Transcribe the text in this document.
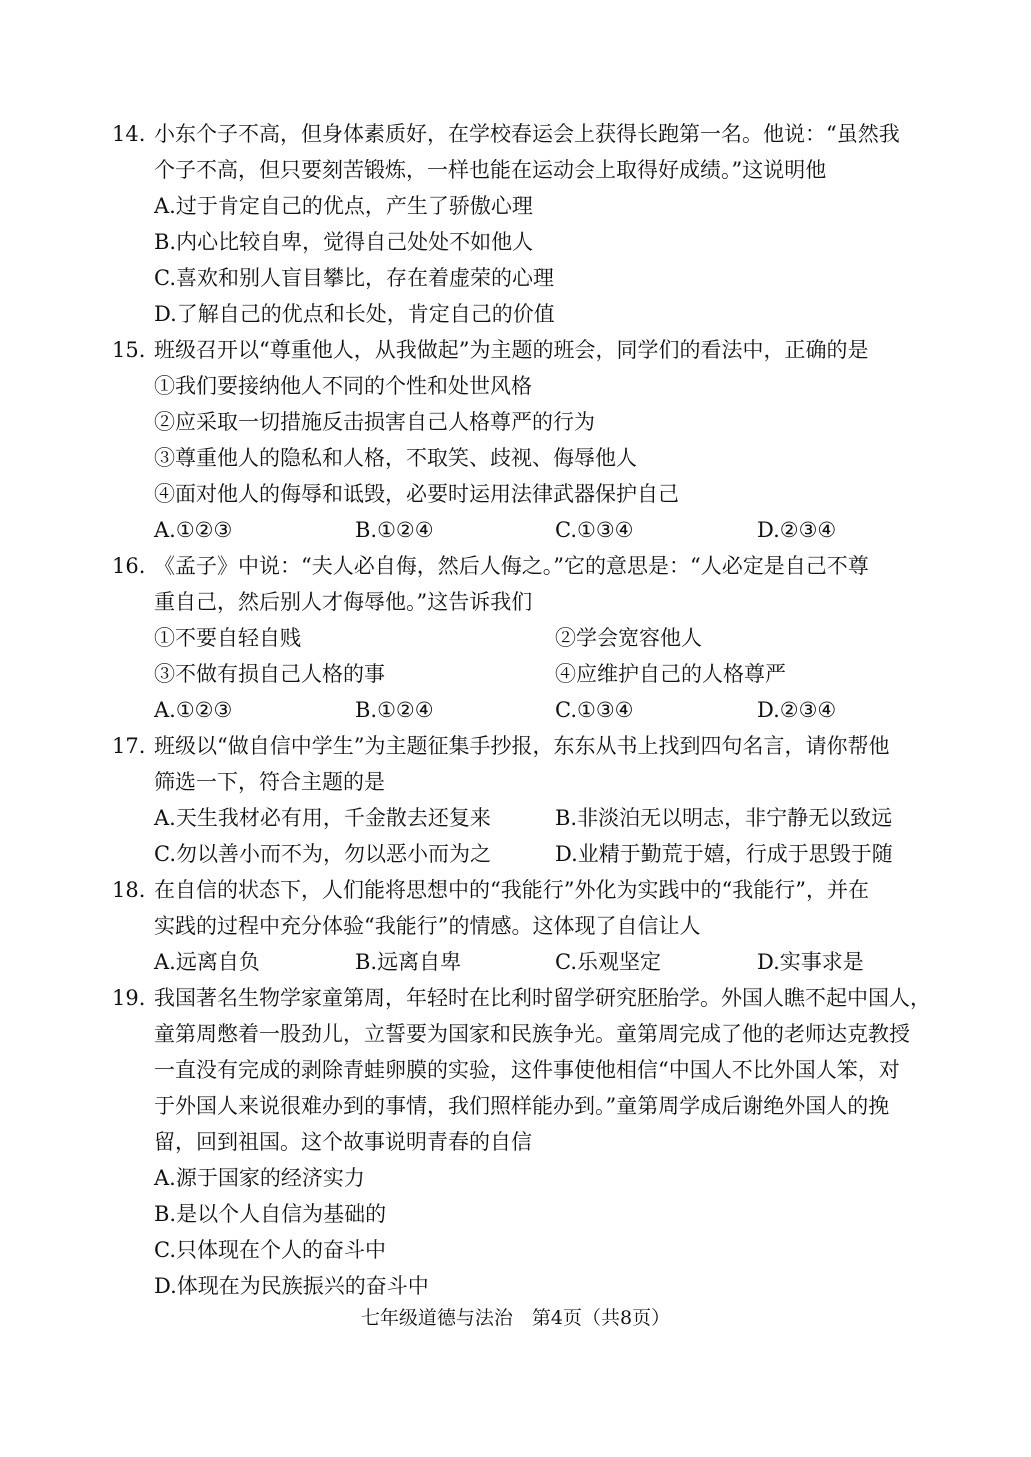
14. 小东个子不高，但身体素质好，在学校春运会上获得长跑第一名。他说：“虽然我
个子不高，但只要刻苦锻炼，一样也能在运动会上取得好成绩。”这说明他
A.过于肯定自己的优点，产生了骄傲心理
B.内心比较自卑，觉得自己处处不如他人
C.喜欢和别人盲目攀比，存在着虚荣的心理
D.了解自己的优点和长处，肯定自己的价值
15. 班级召开以“尊重他人，从我做起”为主题的班会，同学们的看法中，正确的是
①我们要接纳他人不同的个性和处世风格
②应采取一切措施反击损害自己人格尊严的行为
③尊重他人的隐私和人格，不取笑、歧视、侮辱他人
④面对他人的侮辱和诋毁，必要时运用法律武器保护自己
A.①②③	B.①②④	C.①③④	D.②③④
16. 《孟子》中说：“夫人必自侮，然后人侮之。”它的意思是：“人必定是自己不尊
重自己，然后别人才侮辱他。”这告诉我们
①不要自轻自贱	②学会宽容他人
③不做有损自己人格的事	④应维护自己的人格尊严
A.①②③	B.①②④	C.①③④	D.②③④
17. 班级以“做自信中学生”为主题征集手抄报，东东从书上找到四句名言，请你帮他
筛选一下，符合主题的是
A.天生我材必有用，千金散去还复来	B.非淡泊无以明志，非宁静无以致远
C.勿以善小而不为，勿以恶小而为之	D.业精于勤荒于嬉，行成于思毁于随
18. 在自信的状态下，人们能将思想中的“我能行”外化为实践中的“我能行”，并在
实践的过程中充分体验“我能行”的情感。这体现了自信让人
A.远离自负	B.远离自卑	C.乐观坚定	D.实事求是
19. 我国著名生物学家童第周，年轻时在比利时留学研究胚胎学。外国人瞧不起中国人，
童第周憋着一股劲儿，立誓要为国家和民族争光。童第周完成了他的老师达克教授
一直没有完成的剥除青蛙卵膜的实验，这件事使他相信“中国人不比外国人笨，对
于外国人来说很难办到的事情，我们照样能办到。”童第周学成后谢绝外国人的挽
留，回到祖国。这个故事说明青春的自信
A.源于国家的经济实力
B.是以个人自信为基础的
C.只体现在个人的奋斗中
D.体现在为民族振兴的奋斗中
七年级道德与法治　第4页（共8页）
